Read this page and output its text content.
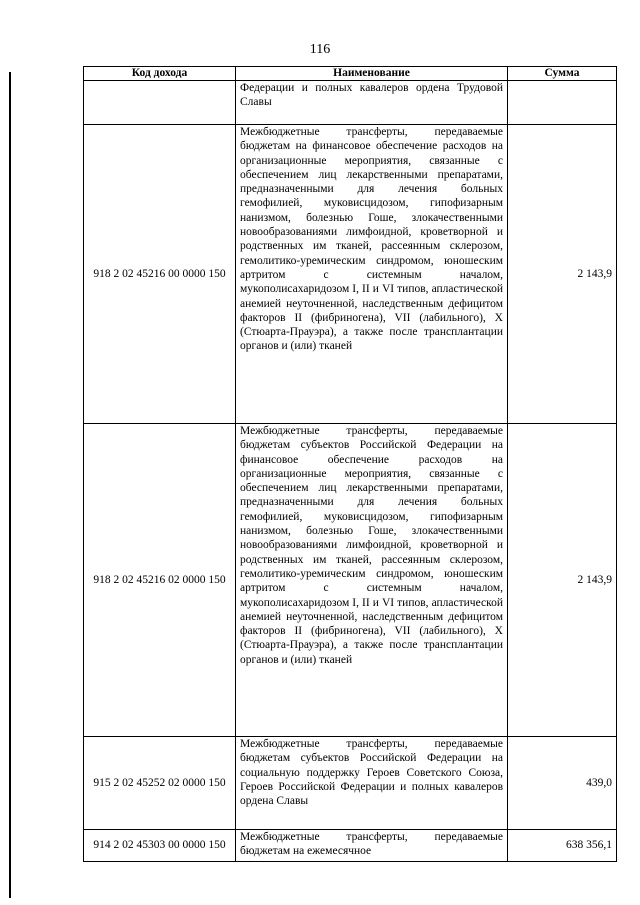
116
Код дохода	Наименование	Сумма
	Федерации и полных кавалеров ордена Трудовой Славы	
918 2 02 45216 00 0000 150	Межбюджетные трансферты, передаваемые бюджетам на финансовое обеспечение расходов на организационные мероприятия, связанные с обеспечением лиц лекарственными препаратами, предназначенными для лечения больных гемофилией, муковисцидозом, гипофизарным нанизмом, болезнью Гоше, злокачественными новообразованиями лимфоидной, кроветворной и родственных им тканей, рассеянным склерозом, гемолитико-уремическим синдромом, юношеским артритом с системным началом, мукополисахаридозом I, II и VI типов, апластической анемией неуточненной, наследственным дефицитом факторов II (фибриногена), VII (лабильного), X (Стюарта-Прауэра), а также после трансплантации органов и (или) тканей	2 143,9
918 2 02 45216 02 0000 150	Межбюджетные трансферты, передаваемые бюджетам субъектов Российской Федерации на финансовое обеспечение расходов на организационные мероприятия, связанные с обеспечением лиц лекарственными препаратами, предназначенными для лечения больных гемофилией, муковисцидозом, гипофизарным нанизмом, болезнью Гоше, злокачественными новообразованиями лимфоидной, кроветворной и родственных им тканей, рассеянным склерозом, гемолитико-уремическим синдромом, юношеским артритом с системным началом, мукополисахаридозом I, II и VI типов, апластической анемией неуточненной, наследственным дефицитом факторов II (фибриногена), VII (лабильного), X (Стюарта-Прауэра), а также после трансплантации органов и (или) тканей	2 143,9
915 2 02 45252 02 0000 150	Межбюджетные трансферты, передаваемые бюджетам субъектов Российской Федерации на социальную поддержку Героев Советского Союза, Героев Российской Федерации и полных кавалеров ордена Славы	439,0
914 2 02 45303 00 0000 150	Межбюджетные трансферты, передаваемые бюджетам на ежемесячное	638 356,1
